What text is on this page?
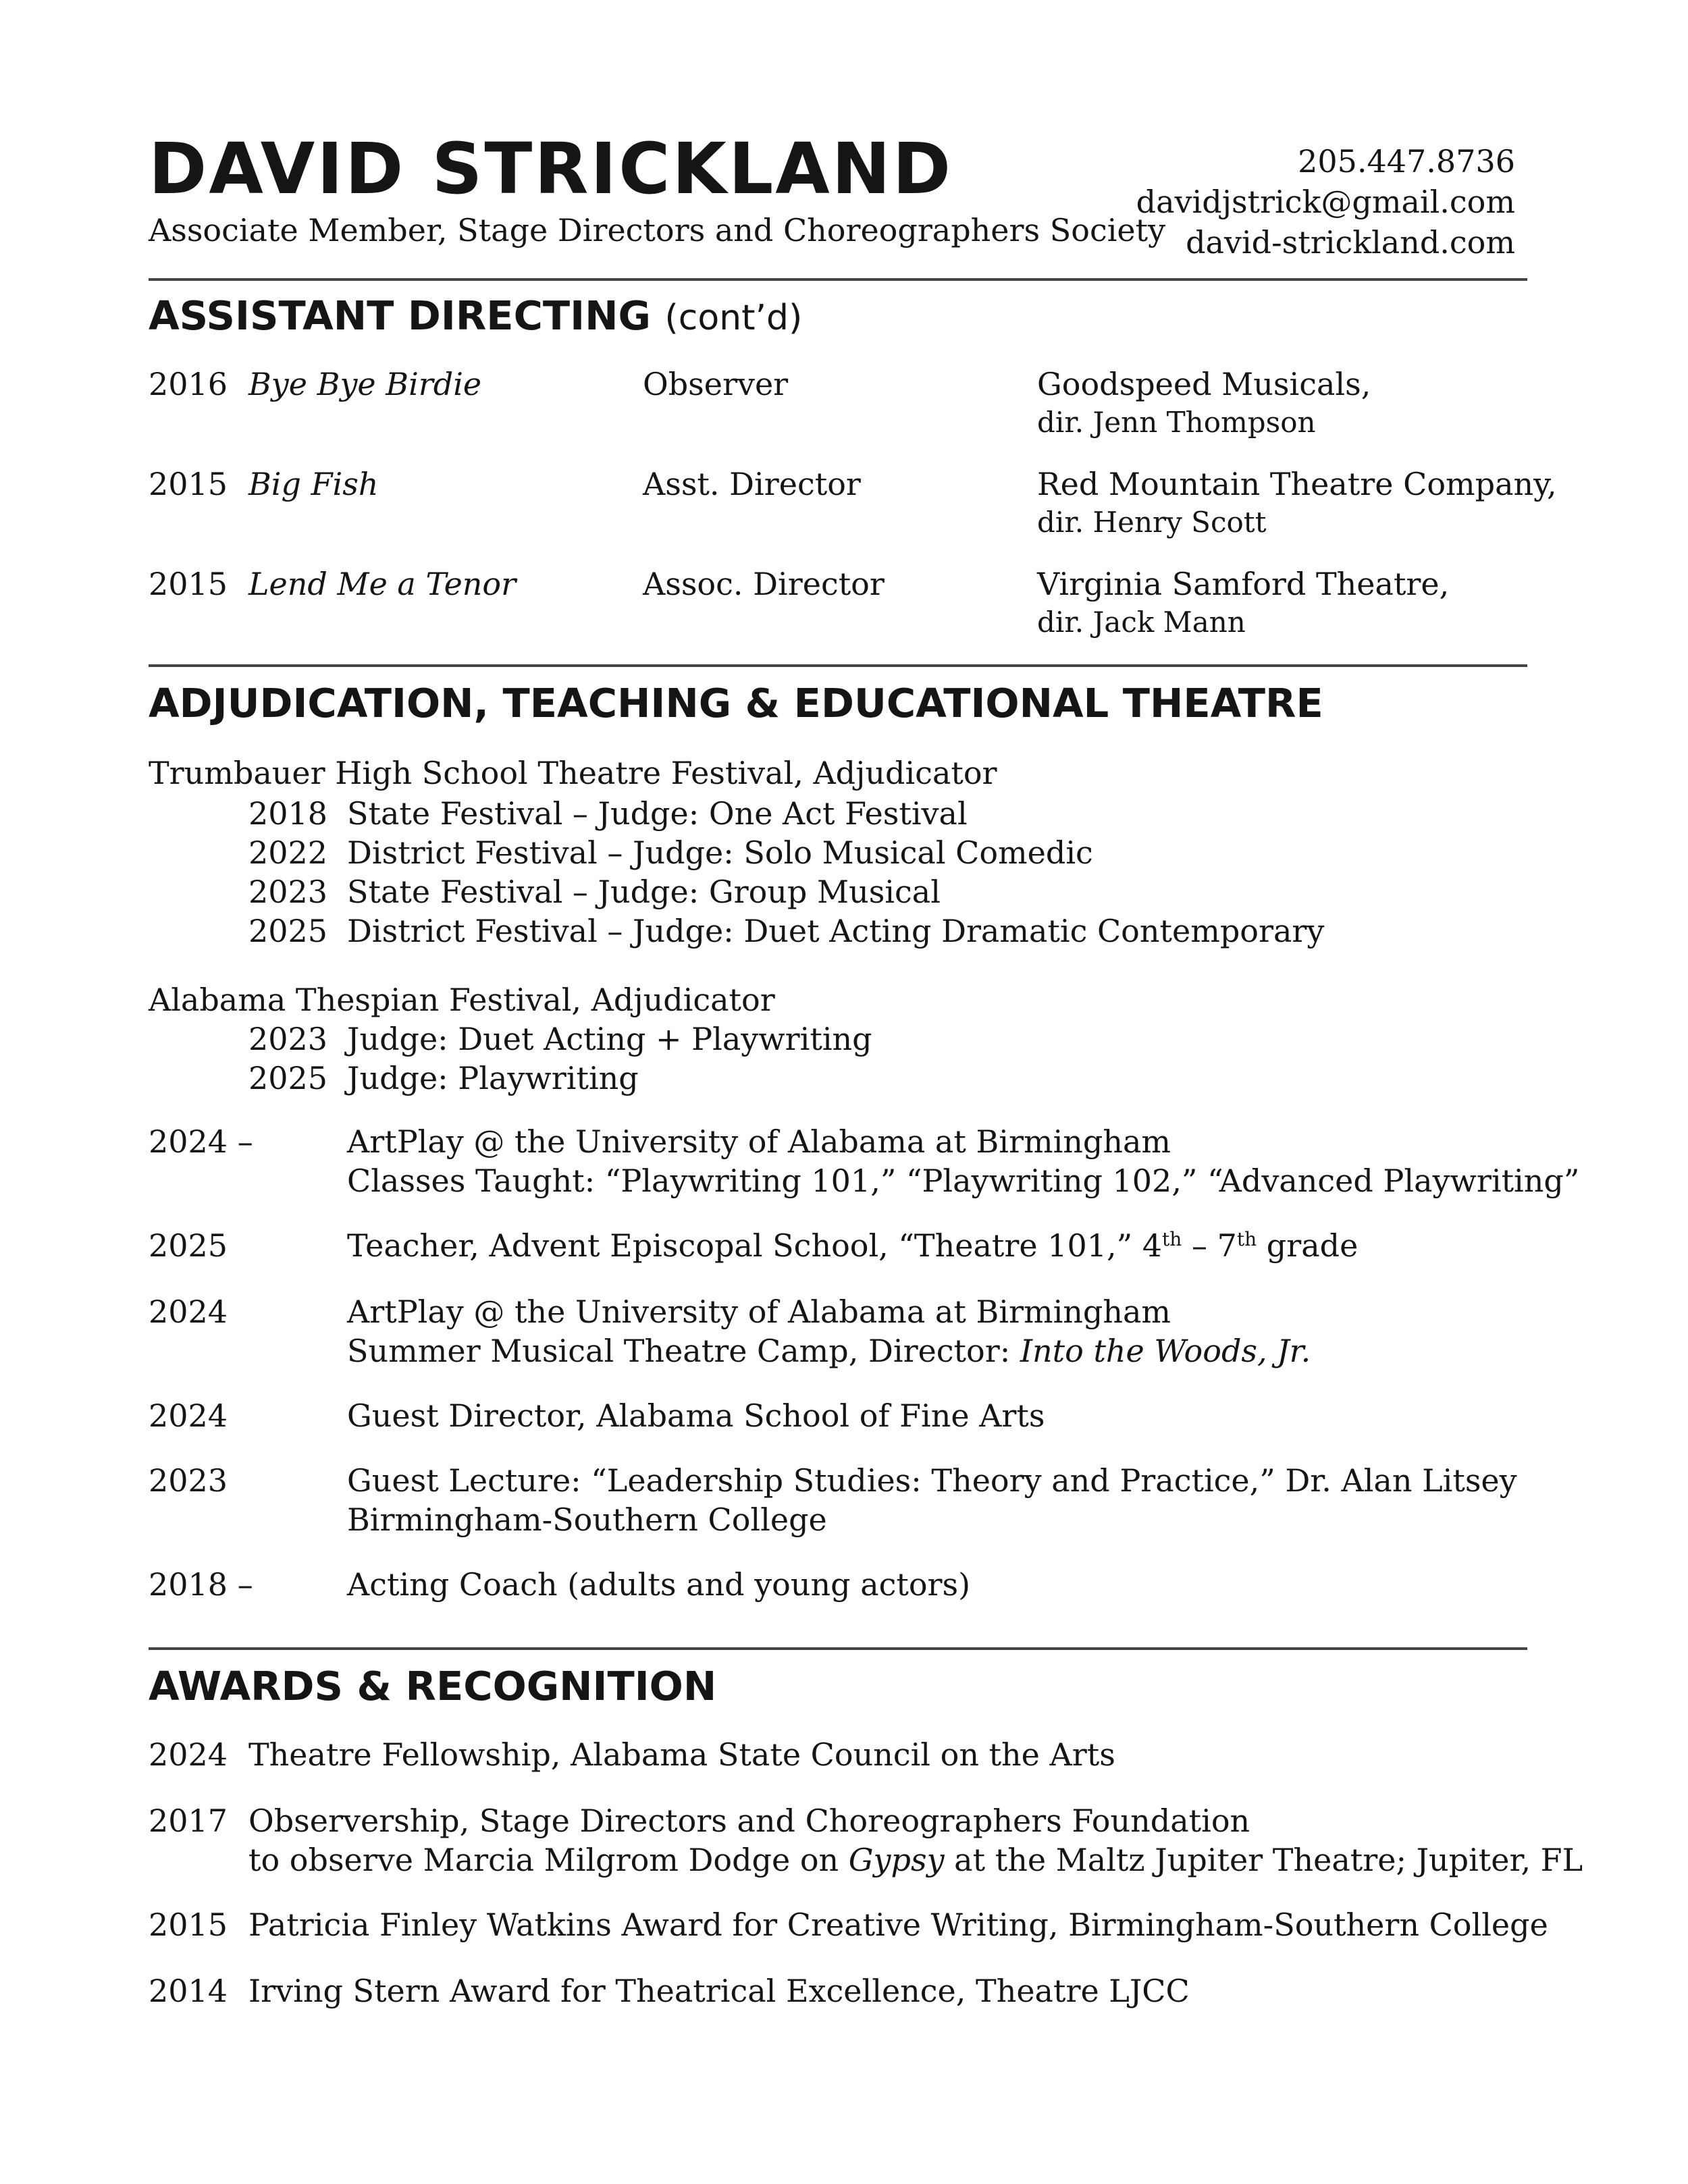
DAVID STRICKLAND
Associate Member, Stage Directors and Choreographers Society
205.447.8736
davidjstrick@gmail.com
david-strickland.com
ASSISTANT DIRECTING (cont’d)
2016 Bye Bye Birdie	Observer	Goodspeed Musicals,
dir. Jenn Thompson
2015 Big Fish	Asst. Director	Red Mountain Theatre Company,
dir. Henry Scott
2015 Lend Me a Tenor	Assoc. Director	Virginia Samford Theatre,
dir. Jack Mann
ADJUDICATION, TEACHING & EDUCATIONAL THEATRE
Trumbauer High School Theatre Festival, Adjudicator
2018 State Festival – Judge: One Act Festival
2022 District Festival – Judge: Solo Musical Comedic
2023 State Festival – Judge: Group Musical
2025 District Festival – Judge: Duet Acting Dramatic Contemporary
Alabama Thespian Festival, Adjudicator
2023 Judge: Duet Acting + Playwriting
2025 Judge: Playwriting
2024 –	ArtPlay @ the University of Alabama at Birmingham
Classes Taught: “Playwriting 101,” “Playwriting 102,” “Advanced Playwriting”
2025	Teacher, Advent Episcopal School, “Theatre 101,” 4th – 7th grade
2024	ArtPlay @ the University of Alabama at Birmingham
Summer Musical Theatre Camp, Director: Into the Woods, Jr.
2024	Guest Director, Alabama School of Fine Arts
2023	Guest Lecture: “Leadership Studies: Theory and Practice,” Dr. Alan Litsey
Birmingham-Southern College
2018 –	Acting Coach (adults and young actors)
AWARDS & RECOGNITION
2024 Theatre Fellowship, Alabama State Council on the Arts
2017 Observership, Stage Directors and Choreographers Foundation
to observe Marcia Milgrom Dodge on Gypsy at the Maltz Jupiter Theatre; Jupiter, FL
2015 Patricia Finley Watkins Award for Creative Writing, Birmingham-Southern College
2014 Irving Stern Award for Theatrical Excellence, Theatre LJCC
